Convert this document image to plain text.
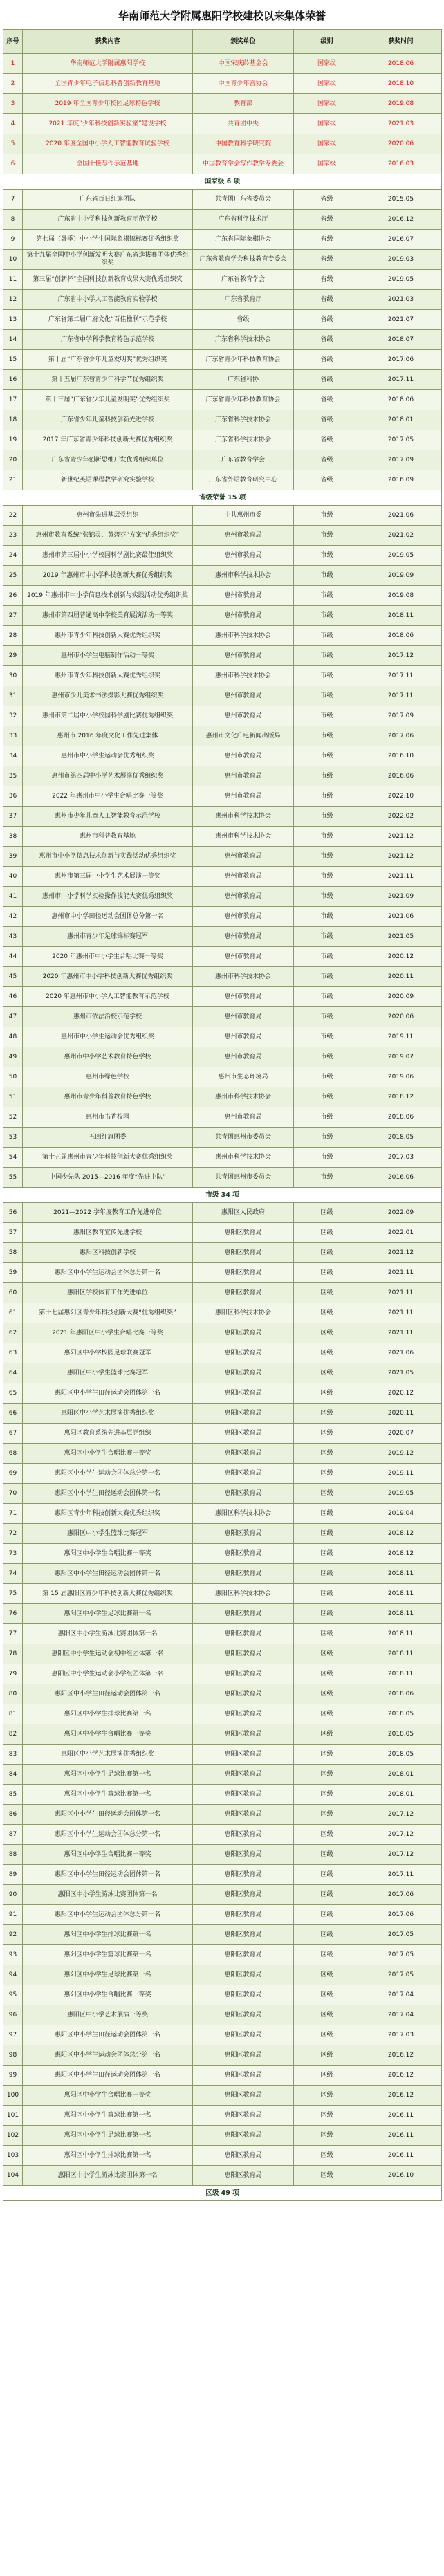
华南师范大学附属惠阳学校建校以来集体荣誉
序号	获奖内容	颁奖单位	级别	获奖时间
1	华南师范大学附属惠阳学校	中国宋庆龄基金会	国家级	2018.06
2	全国青少年电子信息科普创新教育基地	中国青少年宫协会	国家级	2018.10
3	2019 年全国青少年校园足球特色学校	教育部	国家级	2019.08
4	2021 年度“少年科技创新实验室”建设学校	共青团中央	国家级	2021.03
5	2020 年度全国中小学人工智能教育试验学校	中国教育科学研究院	国家级	2020.06
6	全国十佳写作示范基地	中国教育学会写作教学专委会	国家级	2016.03
国家级 6 项				
7	广东省百日红旗团队	共青团广东省委员会	省级	2015.05
8	广东省中小学科技创新教育示范学校	广东省科学技术厅	省级	2016.12
9	第七届（暑季）中小学生国际象棋锦标赛优秀组织奖	广东省国际象棋协会	省级	2016.07
10	第十九届全国中小学创新发明大赛广东省选拔赛团体优秀组织奖	广东省教育学会科技教育专委会	省级	2019.03
11	第三届“创新杯”全国科技创新教育成果大赛优秀组织奖	广东省教育学会	省级	2019.05
12	广东省中小学人工智能教育实验学校	广东省教育厅	省级	2021.03
13	广东省第二届广府文化“百佳楹联”示范学校	省级	省级	2021.07
14	广东省中学科学教育特色示范学校	广东省科学技术协会	省级	2018.07
15	第十届“广东省少年儿童发明奖”优秀组织奖	广东省青少年科技教育协会	省级	2017.06
16	第十五届广东省青少年科学节优秀组织奖	广东省科协	省级	2017.11
17	第十三届“广东省少年儿童发明奖”优秀组织奖	广东省青少年科技教育协会	省级	2018.06
18	广东省少年儿童科技创新先进学校	广东省科学技术协会	省级	2018.01
19	2017 年广东省青少年科技创新大赛优秀组织奖	广东省科学技术协会	省级	2017.05
20	广东省青少年创新思维开发优秀组织单位	广东省教育学会	省级	2017.09
21	新世纪英语课程教学研究实验学校	广东省外语教育研究中心	省级	2016.09
省级荣誉 15 项				
22	惠州市先进基层党组织	中共惠州市委	市级	2021.06
23	惠州市教育系统“张锦灵、黄碧芬”方案“优秀组织奖”	惠州市教育局	市级	2021.02
24	惠州市第三届中小学校园科学剧比赛最佳组织奖	惠州市教育局	市级	2019.05
25	2019 年惠州市中小学科技创新大赛优秀组织奖	惠州市科学技术协会	市级	2019.09
26	2019 年惠州市中小学信息技术创新与实践活动优秀组织奖	惠州市教育局	市级	2019.08
27	惠州市第四届普通高中学校美育展演活动一等奖	惠州市教育局	市级	2018.11
28	惠州市青少年科技创新大赛优秀组织奖	惠州市科学技术协会	市级	2018.06
29	惠州市小学生电脑制作活动一等奖	惠州市教育局	市级	2017.12
30	惠州市青少年科技创新大赛优秀组织奖	惠州市科学技术协会	市级	2017.11
31	惠州市少儿美术书法摄影大赛优秀组织奖	惠州市教育局	市级	2017.11
32	惠州市第二届中小学校园科学剧比赛优秀组织奖	惠州市教育局	市级	2017.09
33	惠州市 2016 年度文化工作先进集体	惠州市文化广电新闻出版局	市级	2017.06
34	惠州市中小学生运动会优秀组织奖	惠州市教育局	市级	2016.10
35	惠州市第四届中小学艺术展演优秀组织奖	惠州市教育局	市级	2016.06
36	2022 年惠州市中小学生合唱比赛一等奖	惠州市教育局	市级	2022.10
37	惠州市少年儿童人工智能教育示范学校	惠州市科学技术协会	市级	2022.02
38	惠州市科普教育基地	惠州市科学技术协会	市级	2021.12
39	惠州市中小学信息技术创新与实践活动优秀组织奖	惠州市教育局	市级	2021.12
40	惠州市第三届中小学生艺术展演一等奖	惠州市教育局	市级	2021.11
41	惠州市中小学科学实验操作技能大赛优秀组织奖	惠州市教育局	市级	2021.09
42	惠州市中小学田径运动会团体总分第一名	惠州市教育局	市级	2021.06
43	惠州市青少年足球锦标赛冠军	惠州市教育局	市级	2021.05
44	2020 年惠州市中小学生合唱比赛一等奖	惠州市教育局	市级	2020.12
45	2020 年惠州市中小学科技创新大赛优秀组织奖	惠州市科学技术协会	市级	2020.11
46	2020 年惠州市中小学人工智能教育示范学校	惠州市教育局	市级	2020.09
47	惠州市依法治校示范学校	惠州市教育局	市级	2020.06
48	惠州市中小学生运动会优秀组织奖	惠州市教育局	市级	2019.11
49	惠州市中小学艺术教育特色学校	惠州市教育局	市级	2019.07
50	惠州市绿色学校	惠州市生态环境局	市级	2019.06
51	惠州市青少年科普教育特色学校	惠州市科学技术协会	市级	2018.12
52	惠州市书香校园	惠州市教育局	市级	2018.06
53	五四红旗团委	共青团惠州市委员会	市级	2018.05
54	第十五届惠州市青少年科技创新大赛优秀组织奖	惠州市科学技术协会	市级	2017.03
55	中国少先队 2015—2016 年度“先进中队”	共青团惠州市委员会	市级	2016.06
市级 34 项				
56	2021—2022 学年度教育工作先进单位	惠阳区人民政府	区级	2022.09
57	惠阳区教育宣传先进学校	惠阳区教育局	区级	2022.01
58	惠阳区科技创新学校	惠阳区教育局	区级	2021.12
59	惠阳区中小学生运动会团体总分第一名	惠阳区教育局	区级	2021.11
60	惠阳区学校体育工作先进单位	惠阳区教育局	区级	2021.11
61	第十七届惠阳区青少年科技创新大赛“优秀组织奖”	惠阳区科学技术协会	区级	2021.11
62	2021 年惠阳区中小学生合唱比赛一等奖	惠阳区教育局	区级	2021.11
63	惠阳区中小学校园足球联赛冠军	惠阳区教育局	区级	2021.06
64	惠阳区中小学生篮球比赛冠军	惠阳区教育局	区级	2021.05
65	惠阳区中小学生田径运动会团体第一名	惠阳区教育局	区级	2020.12
66	惠阳区中小学艺术展演优秀组织奖	惠阳区教育局	区级	2020.11
67	惠阳区教育系统先进基层党组织	惠阳区教育局	区级	2020.07
68	惠阳区中小学生合唱比赛一等奖	惠阳区教育局	区级	2019.12
69	惠阳区中小学生运动会团体总分第一名	惠阳区教育局	区级	2019.11
70	惠阳区中小学生田径运动会团体第一名	惠阳区教育局	区级	2019.05
71	惠阳区青少年科技创新大赛优秀组织奖	惠阳区科学技术协会	区级	2019.04
72	惠阳区中小学生篮球比赛冠军	惠阳区教育局	区级	2018.12
73	惠阳区中小学生合唱比赛一等奖	惠阳区教育局	区级	2018.12
74	惠阳区中小学生田径运动会团体第一名	惠阳区教育局	区级	2018.11
75	第 15 届惠阳区青少年科技创新大赛优秀组织奖	惠阳区科学技术协会	区级	2018.11
76	惠阳区中小学生足球比赛第一名	惠阳区教育局	区级	2018.11
77	惠阳区中小学生游泳比赛团体第一名	惠阳区教育局	区级	2018.11
78	惠阳区中小学生运动会初中组团体第一名	惠阳区教育局	区级	2018.11
79	惠阳区中小学生运动会小学组团体第一名	惠阳区教育局	区级	2018.11
80	惠阳区中小学生田径运动会团体第一名	惠阳区教育局	区级	2018.06
81	惠阳区中小学生排球比赛第一名	惠阳区教育局	区级	2018.05
82	惠阳区中小学生合唱比赛一等奖	惠阳区教育局	区级	2018.05
83	惠阳区中小学艺术展演优秀组织奖	惠阳区教育局	区级	2018.05
84	惠阳区中小学生足球比赛第一名	惠阳区教育局	区级	2018.01
85	惠阳区中小学生篮球比赛第一名	惠阳区教育局	区级	2018.01
86	惠阳区中小学生田径运动会团体第一名	惠阳区教育局	区级	2017.12
87	惠阳区中小学生运动会团体总分第一名	惠阳区教育局	区级	2017.12
88	惠阳区中小学生合唱比赛一等奖	惠阳区教育局	区级	2017.12
89	惠阳区中小学生田径运动会团体第一名	惠阳区教育局	区级	2017.11
90	惠阳区中小学生游泳比赛团体第一名	惠阳区教育局	区级	2017.06
91	惠阳区中小学生运动会团体总分第一名	惠阳区教育局	区级	2017.06
92	惠阳区中小学生排球比赛第一名	惠阳区教育局	区级	2017.05
93	惠阳区中小学生篮球比赛第一名	惠阳区教育局	区级	2017.05
94	惠阳区中小学生足球比赛第一名	惠阳区教育局	区级	2017.05
95	惠阳区中小学生合唱比赛一等奖	惠阳区教育局	区级	2017.04
96	惠阳区中小学艺术展演一等奖	惠阳区教育局	区级	2017.04
97	惠阳区中小学生田径运动会团体第一名	惠阳区教育局	区级	2017.03
98	惠阳区中小学生运动会团体总分第一名	惠阳区教育局	区级	2016.12
99	惠阳区中小学生田径运动会团体第一名	惠阳区教育局	区级	2016.12
100	惠阳区中小学生合唱比赛一等奖	惠阳区教育局	区级	2016.12
101	惠阳区中小学生篮球比赛第一名	惠阳区教育局	区级	2016.11
102	惠阳区中小学生足球比赛第一名	惠阳区教育局	区级	2016.11
103	惠阳区中小学生排球比赛第一名	惠阳区教育局	区级	2016.11
104	惠阳区中小学生游泳比赛团体第一名	惠阳区教育局	区级	2016.10
区级 49 项				
